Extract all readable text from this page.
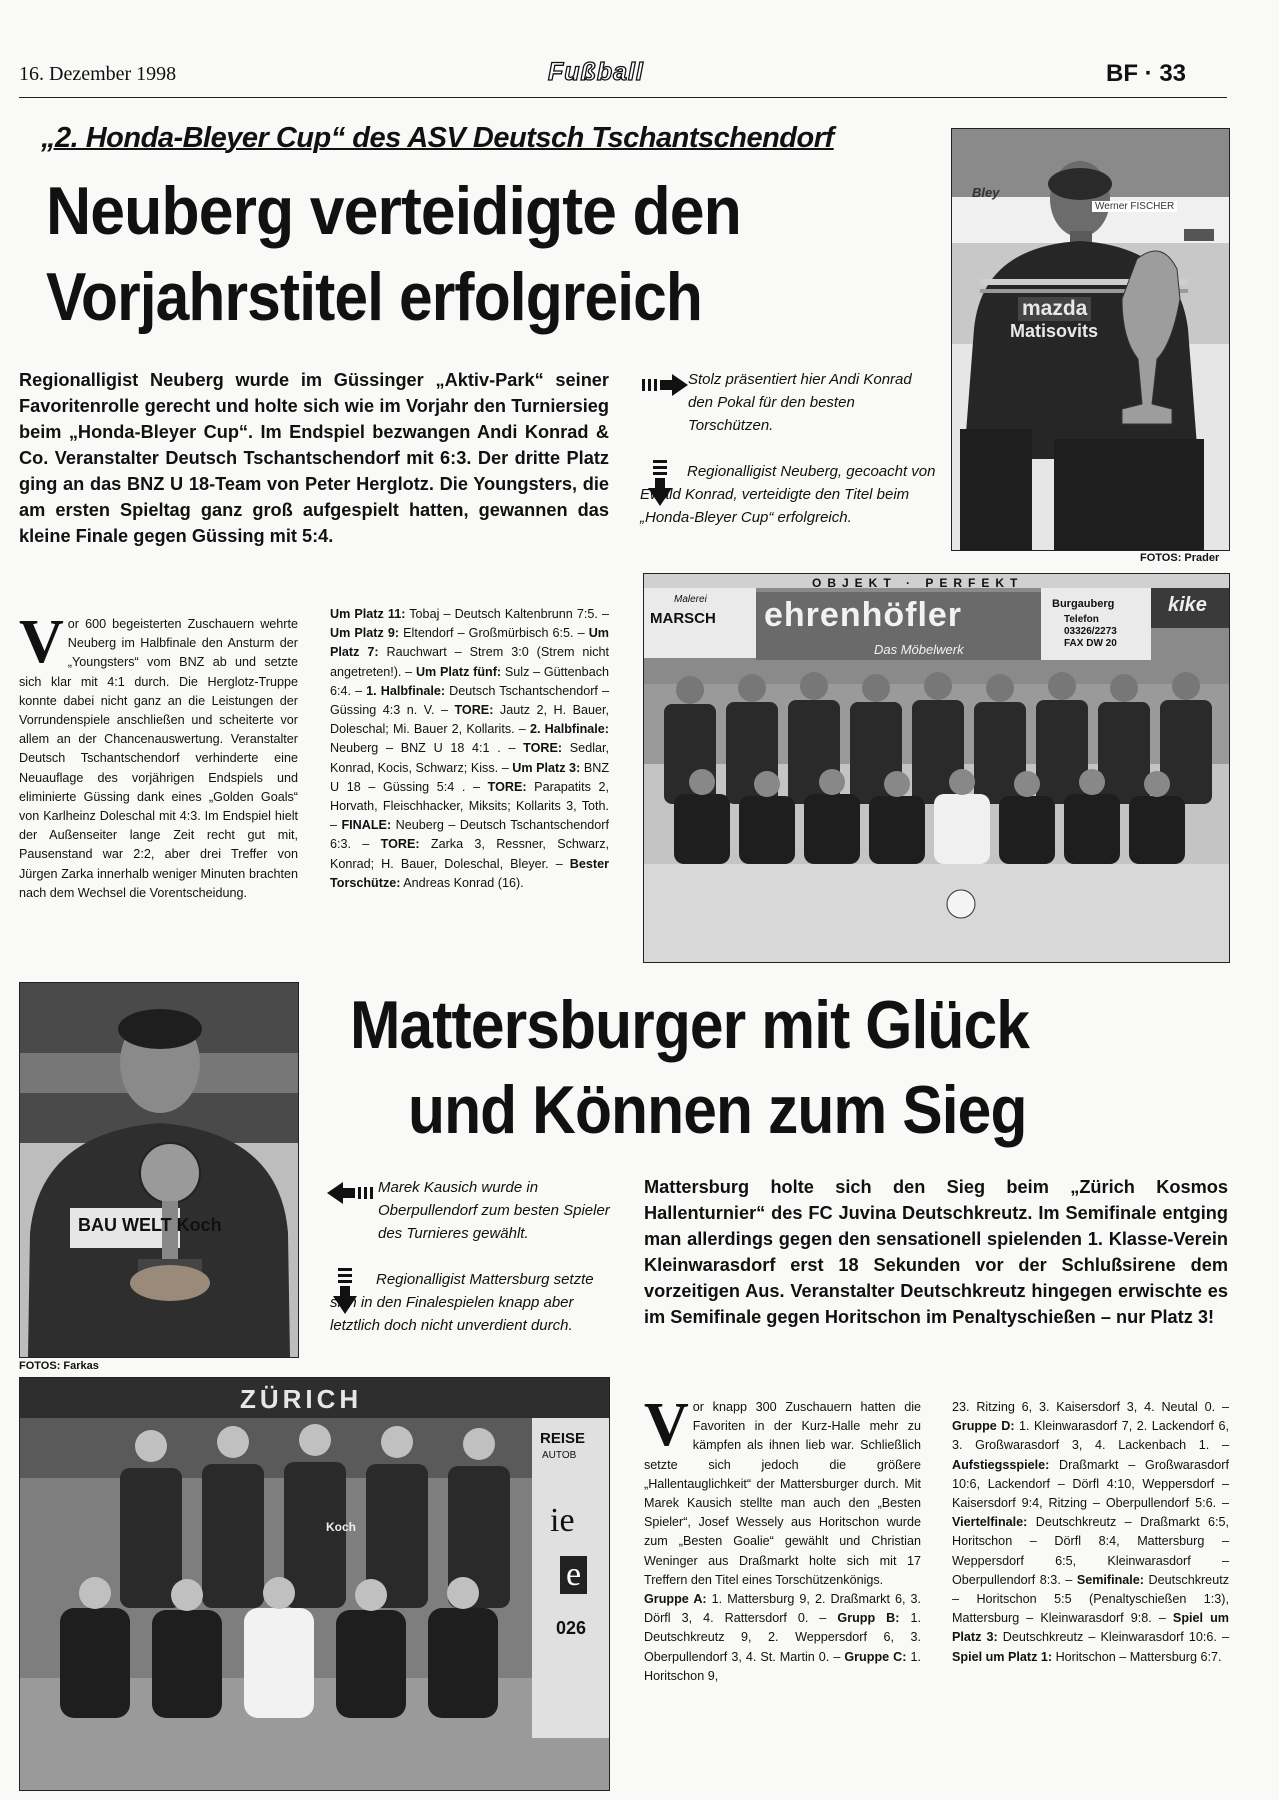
16. Dezember 1998	Fußball	BF · 33
„2. Honda-Bleyer Cup“ des ASV Deutsch Tschantschendorf
Neuberg verteidigte den
Vorjahrstitel erfolgreich
Regionalligist Neuberg wurde im Güssinger „Aktiv-Park“ seiner Favoritenrolle gerecht und holte sich wie im Vorjahr den Turniersieg beim „Honda-Bleyer Cup“. Im Endspiel bezwangen Andi Konrad & Co. Veranstalter Deutsch Tschantschendorf mit 6:3. Der dritte Platz ging an das BNZ U 18-Team von Peter Herglotz. Die Youngsters, die am ersten Spieltag ganz groß aufgespielt hatten, gewannen das kleine Finale gegen Güssing mit 5:4.
Vor 600 begeisterten Zuschauern wehrte Neuberg im Halbfinale den Ansturm der „Youngsters“ vom BNZ ab und setzte sich klar mit 4:1 durch. Die Herglotz-Truppe konnte dabei nicht ganz an die Leistungen der Vorrundenspiele anschließen und scheiterte vor allem an der Chancenauswertung. Veranstalter Deutsch Tschantschendorf verhinderte eine Neuauflage des vorjährigen Endspiels und eliminierte Güssing dank eines „Golden Goals“ von Karlheinz Doleschal mit 4:3. Im Endspiel hielt der Außenseiter lange Zeit recht gut mit, Pausenstand war 2:2, aber drei Treffer von Jürgen Zarka innerhalb weniger Minuten brachten nach dem Wechsel die Vorentscheidung.
Um Platz 11: Tobaj – Deutsch Kaltenbrunn 7:5. – Um Platz 9: Eltendorf – Großmürbisch 6:5. – Um Platz 7: Rauchwart – Strem 3:0 (Strem nicht angetreten!). – Um Platz fünf: Sulz – Güttenbach 6:4. – 1. Halbfinale: Deutsch Tschantschendorf – Güssing 4:3 n. V. – TORE: Jautz 2, H. Bauer, Doleschal; Mi. Bauer 2, Kollarits. – 2. Halbfinale: Neuberg – BNZ U 18 4:1 . – TORE: Sedlar, Konrad, Kocis, Schwarz; Kiss. – Um Platz 3: BNZ U 18 – Güssing 5:4 . – TORE: Parapatits 2, Horvath, Fleischhacker, Miksits; Kollarits 3, Toth. – FINALE: Neuberg – Deutsch Tschantschendorf 6:3. – TORE: Zarka 3, Ressner, Schwarz, Konrad; H. Bauer, Doleschal, Bleyer. – Bester Torschütze: Andreas Konrad (16).
Stolz präsentiert hier Andi Konrad den Pokal für den besten Torschützen.
Regionalligist Neuberg, gecoacht von Ewald Konrad, verteidigte den Titel beim „Honda-Bleyer Cup“ erfolgreich.
Bley
Werner FISCHER
mazda
Matisovits
FOTOS: Prader
OBJEKT · PERFEKT
Malerei
MARSCH ehrenhöfler
Das Möbelwerk
Burgauberg
Telefon
03326/2273
FAX DW 20
kike
BAU WELT Koch
FOTOS: Farkas
ZÜRICH
Koch
REISE
AUTOB
ie
e
026
Mattersburger mit Glück
und Können zum Sieg
Marek Kausich wurde in Oberpullendorf zum besten Spieler des Turnieres gewählt.
Regionalligist Mattersburg setzte sich in den Finalespielen knapp aber letztlich doch nicht unverdient durch.
Mattersburg holte sich den Sieg beim „Zürich Kosmos Hallenturnier“ des FC Juvina Deutschkreutz. Im Semifinale entging man allerdings gegen den sensationell spielenden 1. Klasse-Verein Kleinwarasdorf erst 18 Sekunden vor der Schlußsirene dem vorzeitigen Aus. Veranstalter Deutschkreutz hingegen erwischte es im Semifinale gegen Horitschon im Penaltyschießen – nur Platz 3!
Vor knapp 300 Zuschauern hatten die Favoriten in der Kurz-Halle mehr zu kämpfen als ihnen lieb war. Schließlich setzte sich jedoch die größere „Hallentauglichkeit“ der Mattersburger durch. Mit Marek Kausich stellte man auch den „Besten Spieler“, Josef Wessely aus Horitschon wurde zum „Besten Goalie“ gewählt und Christian Weninger aus Draßmarkt holte sich mit 17 Treffern den Titel eines Torschützenkönigs.
Gruppe A: 1. Mattersburg 9, 2. Draßmarkt 6, 3. Dörfl 3, 4. Rattersdorf 0. – Grupp B: 1. Deutschkreutz 9, 2. Weppersdorf 6, 3. Oberpullendorf 3, 4. St. Martin 0. – Gruppe C: 1. Horitschon 9,
23. Ritzing 6, 3. Kaisersdorf 3, 4. Neutal 0. – Gruppe D: 1. Kleinwarasdorf 7, 2. Lackendorf 6, 3. Großwarasdorf 3, 4. Lackenbach 1. – Aufstiegsspiele: Draßmarkt – Großwarasdorf 10:6, Lackendorf – Dörfl 4:10, Weppersdorf – Kaisersdorf 9:4, Ritzing – Oberpullendorf 5:6. – Viertelfinale: Deutschkreutz – Draßmarkt 6:5, Horitschon – Dörfl 8:4, Mattersburg – Weppersdorf 6:5, Kleinwarasdorf – Oberpullendorf 8:3. – Semifinale: Deutschkreutz – Horitschon 5:5 (Penaltyschießen 1:3), Mattersburg – Kleinwarasdorf 9:8. – Spiel um Platz 3: Deutschkreutz – Kleinwarasdorf 10:6. – Spiel um Platz 1: Horitschon – Mattersburg 6:7.
